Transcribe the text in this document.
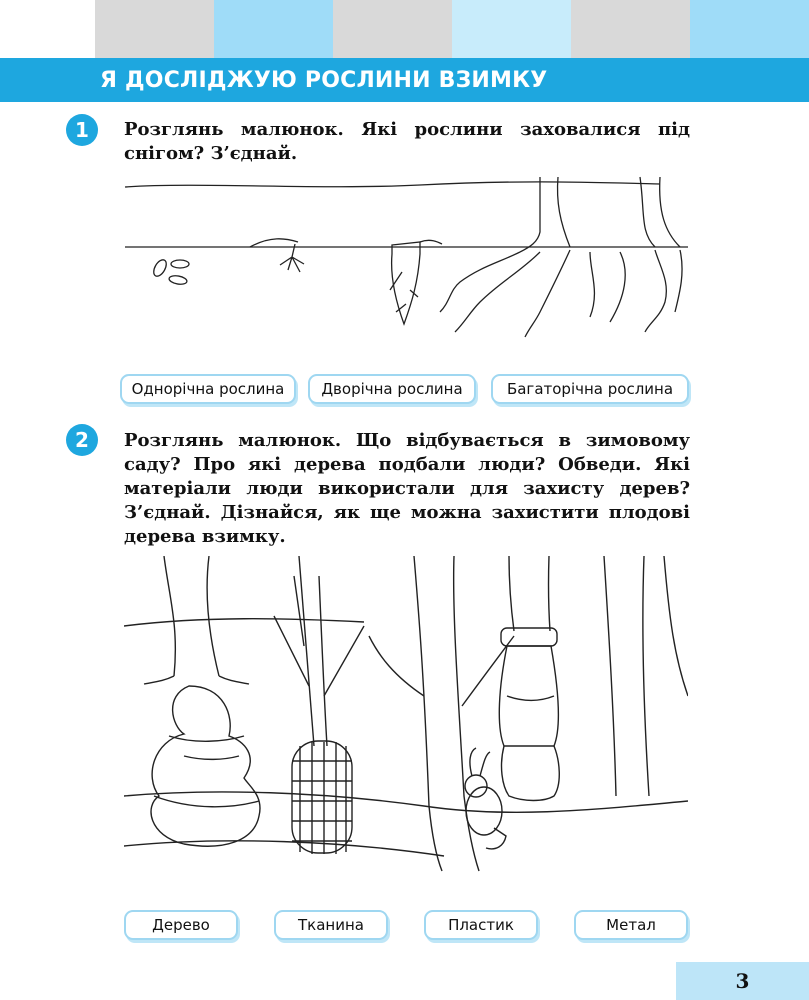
Я ДОСЛІДЖУЮ РОСЛИНИ ВЗИМКУ
1	Розглянь малюнок. Які рослини заховалися під снігом? З’єднай.
Однорічна рослина	Дворічна рослина	Багаторічна рослина
2	Розглянь малюнок. Що відбувається в зимовому саду? Про які дерева подбали люди? Обведи. Які матеріали люди використали для захисту дерев? З’єднай. Дізнайся, як ще можна захистити плодові дерева взимку.
Дерево	Тканина	Пластик	Метал
3
